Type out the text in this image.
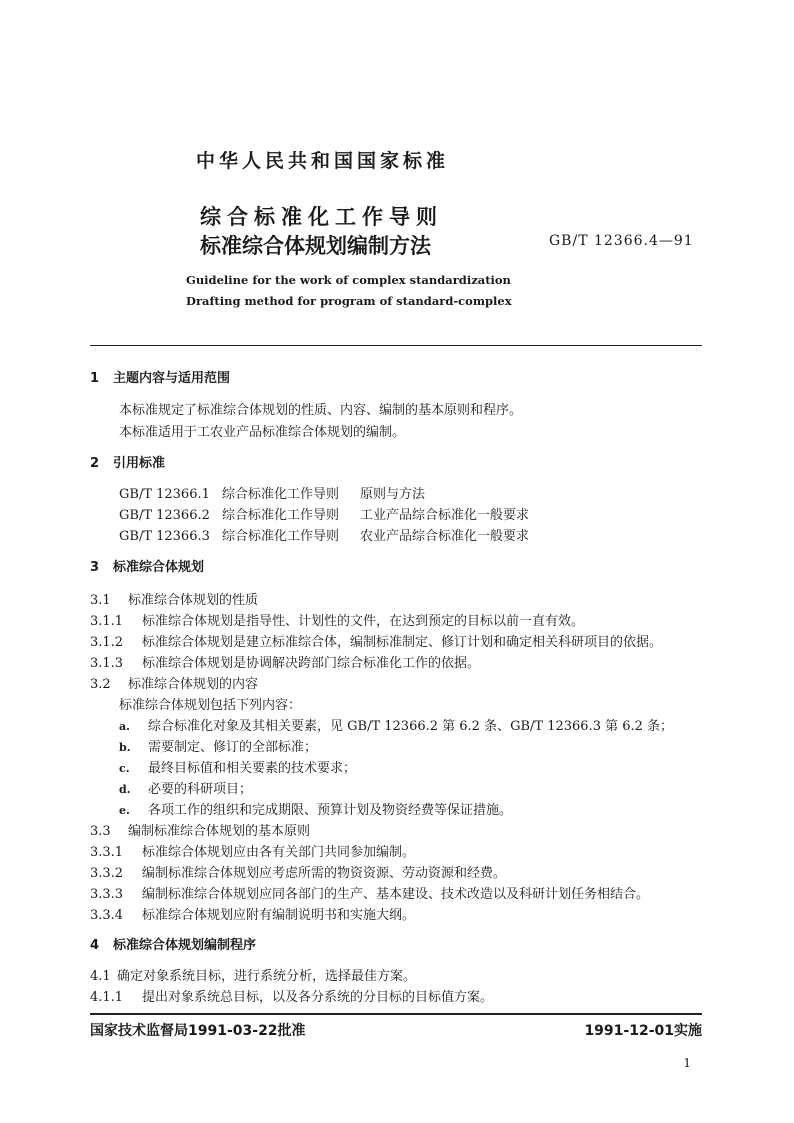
中华人民共和国国家标准
综合标准化工作导则
标准综合体规划编制方法	GB/T 12366.4—91
Guideline for the work of complex standardization
Drafting method for program of standard-complex
1	主题内容与适用范围
本标准规定了标准综合体规划的性质、内容、编制的基本原则和程序。
本标准适用于工农业产品标准综合体规划的编制。
2	引用标准
GB/T 12366.1 综合标准化工作导则	原则与方法
GB/T 12366.2 综合标准化工作导则	工业产品综合标准化一般要求
GB/T 12366.3 综合标准化工作导则	农业产品综合标准化一般要求
3	标准综合体规划
3.1	标准综合体规划的性质
3.1.1	标准综合体规划是指导性、计划性的文件，在达到预定的目标以前一直有效。
3.1.2	标准综合体规划是建立标准综合体，编制标准制定、修订计划和确定相关科研项目的依据。
3.1.3	标准综合体规划是协调解决跨部门综合标准化工作的依据。
3.2	标准综合体规划的内容
标准综合体规划包括下列内容：
a.	综合标准化对象及其相关要素，见 GB/T 12366.2 第 6.2 条、GB/T 12366.3 第 6.2 条；
b.	需要制定、修订的全部标准；
c.	最终目标值和相关要素的技术要求；
d.	必要的科研项目；
e.	各项工作的组织和完成期限、预算计划及物资经费等保证措施。
3.3	编制标准综合体规划的基本原则
3.3.1	标准综合体规划应由各有关部门共同参加编制。
3.3.2	编制标准综合体规划应考虑所需的物资资源、劳动资源和经费。
3.3.3	编制标准综合体规划应同各部门的生产、基本建设、技术改造以及科研计划任务相结合。
3.3.4	标准综合体规划应附有编制说明书和实施大纲。
4	标准综合体规划编制程序
4.1 确定对象系统目标，进行系统分析，选择最佳方案。
4.1.1	提出对象系统总目标，以及各分系统的分目标的目标值方案。
国家技术监督局1991-03-22批准	1991-12-01实施
1
